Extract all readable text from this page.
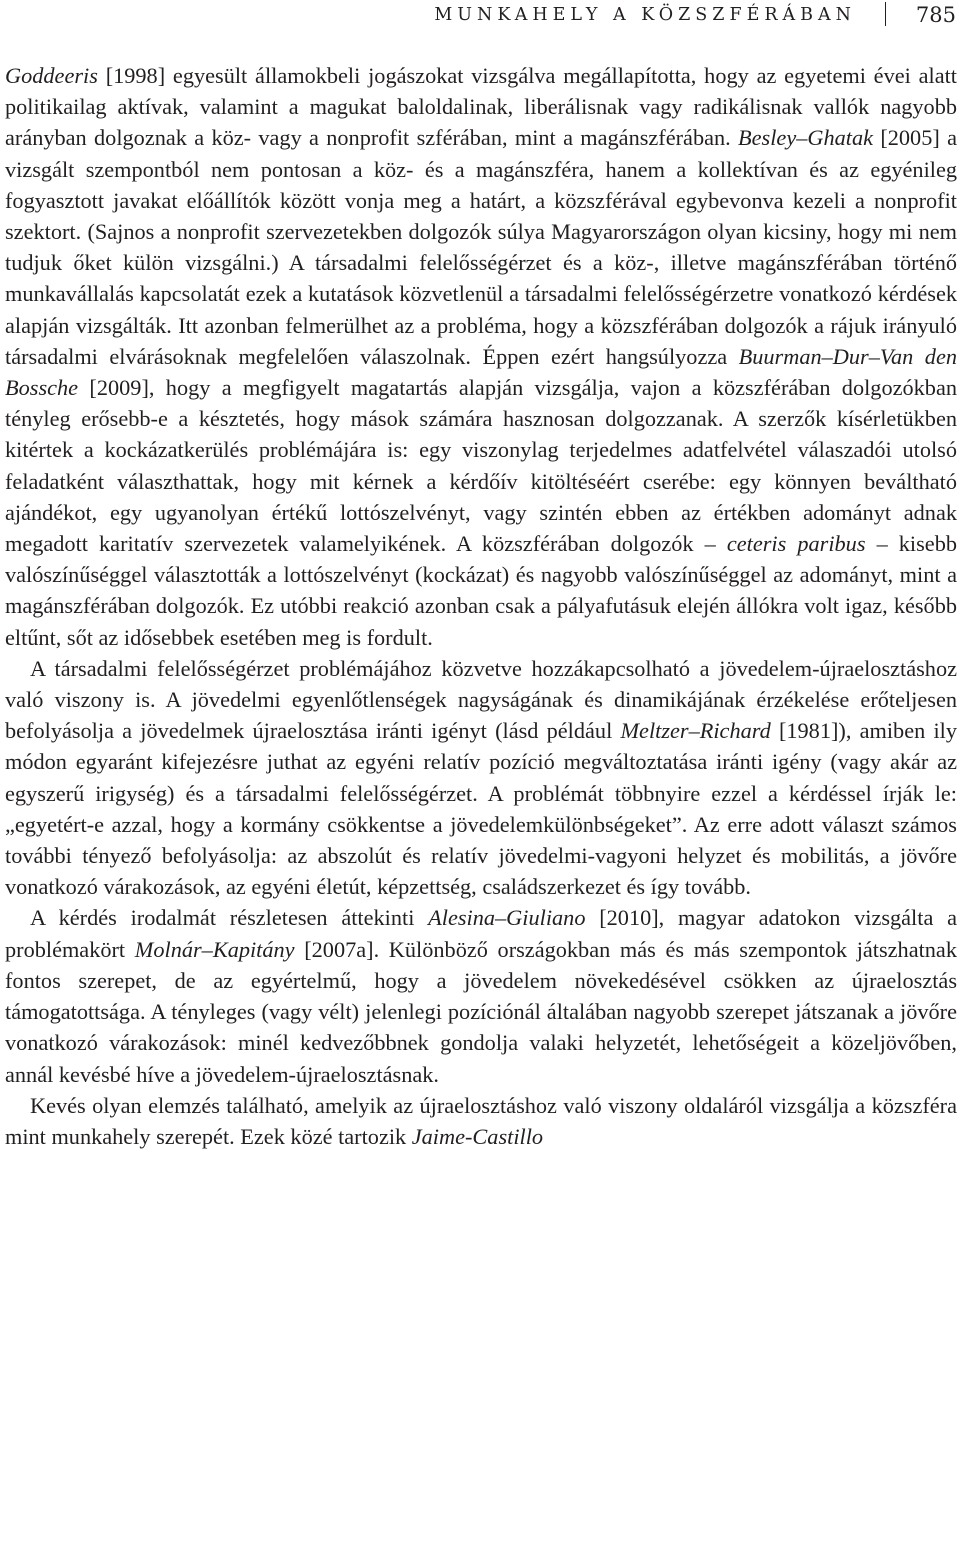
MUNKAHELY A KÖZSZFÉRÁBAN	785

Goddeeris [1998] egyesült államokbeli jogászokat vizsgálva megállapította, hogy az egyetemi évei alatt politikailag aktívak, valamint a magukat baloldalinak, liberálisnak vagy radikálisnak vallók nagyobb arányban dolgoznak a köz- vagy a nonprofit szférában, mint a magánszférában. Besley–Ghatak [2005] a vizsgált szempontból nem pontosan a köz- és a magánszféra, hanem a kollektívan és az egyénileg fogyasztott javakat előállítók között vonja meg a határt, a közszférával egybevonva kezeli a nonprofit szektort. (Sajnos a nonprofit szervezetekben dolgozók súlya Magyarországon olyan kicsiny, hogy mi nem tudjuk őket külön vizsgálni.) A társadalmi felelősségérzet és a köz-, illetve magánszférában történő munkavállalás kapcsolatát ezek a kutatások közvetlenül a társadalmi felelősségérzetre vonatkozó kérdések alapján vizsgálták. Itt azonban felmerülhet az a probléma, hogy a közszférában dolgozók a rájuk irányuló társadalmi elvárásoknak megfelelően válaszolnak. Éppen ezért hangsúlyozza Buurman–Dur–Van den Bossche [2009], hogy a megfigyelt magatartás alapján vizsgálja, vajon a közszférában dolgozókban tényleg erősebb-e a késztetés, hogy mások számára hasznosan dolgozzanak. A szerzők kísérletükben kitértek a kockázatkerülés problémájára is: egy viszonylag terjedelmes adatfelvétel válaszadói utolsó feladatként választhattak, hogy mit kérnek a kérdőív kitöltéséért cserébe: egy könnyen beváltható ajándékot, egy ugyanolyan értékű lottószelvényt, vagy szintén ebben az értékben adományt adnak megadott karitatív szervezetek valamelyikének. A közszférában dolgozók – ceteris paribus – kisebb valószínűséggel választották a lottószelvényt (kockázat) és nagyobb valószínűséggel az adományt, mint a magánszférában dolgozók. Ez utóbbi reakció azonban csak a pályafutásuk elején állókra volt igaz, később eltűnt, sőt az idősebbek esetében meg is fordult.

A társadalmi felelősségérzet problémájához közvetve hozzákapcsolható a jövedelem-újraelosztáshoz való viszony is. A jövedelmi egyenlőtlenségek nagyságának és dinamikájának érzékelése erőteljesen befolyásolja a jövedelmek újraelosztása iránti igényt (lásd például Meltzer–Richard [1981]), amiben ily módon egyaránt kifejezésre juthat az egyéni relatív pozíció megváltoztatása iránti igény (vagy akár az egyszerű irigység) és a társadalmi felelősségérzet. A problémát többnyire ezzel a kérdéssel írják le: „egyetért-e azzal, hogy a kormány csökkentse a jövedelemkülönbségeket”. Az erre adott választ számos további tényező befolyásolja: az abszolút és relatív jövedelmi-vagyoni helyzet és mobilitás, a jövőre vonatkozó várakozások, az egyéni életút, képzettség, családszerkezet és így tovább.

A kérdés irodalmát részletesen áttekinti Alesina–Giuliano [2010], magyar adatokon vizsgálta a problémakört Molnár–Kapitány [2007a]. Különböző országokban más és más szempontok játszhatnak fontos szerepet, de az egyértelmű, hogy a jövedelem növekedésével csökken az újraelosztás támogatottsága. A tényleges (vagy vélt) jelenlegi pozíciónál általában nagyobb szerepet játszanak a jövőre vonatkozó várakozások: minél kedvezőbbnek gondolja valaki helyzetét, lehetőségeit a közeljövőben, annál kevésbé híve a jövedelem-újraelosztásnak.

Kevés olyan elemzés található, amelyik az újraelosztáshoz való viszony oldaláról vizsgálja a közszféra mint munkahely szerepét. Ezek közé tartozik Jaime-Castillo
